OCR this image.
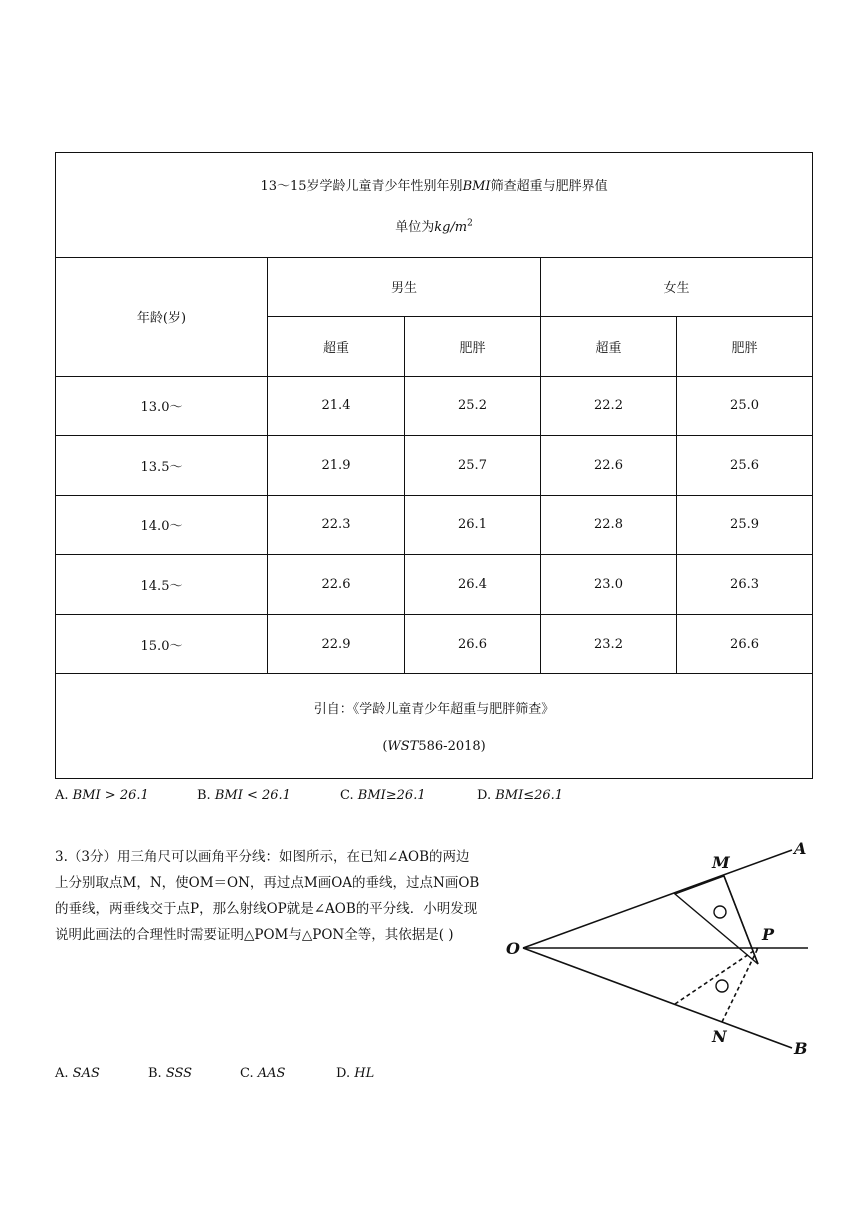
13～15岁学龄儿童青少年性别年别BMI筛查超重与肥胖界值
单位为$kg/m^2$

年龄(岁)	男生		女生	
	超重	肥胖	超重	肥胖
13.0～	21.4	25.2	22.2	25.0
13.5～	21.9	25.7	22.6	25.6
14.0～	22.3	26.1	22.8	25.9
14.5～	22.6	26.4	23.0	26.3
15.0～	22.9	26.6	23.2	26.6

引自：《学龄儿童青少年超重与肥胖筛查》
(WST586-2018)				
A. BMI > 26.1	B. BMI < 26.1	C. BMI≥26.1	D. BMI≤26.1
3.（3分）用三角尺可以画角平分线：如图所示，在已知∠AOB的两边
上分别取点M，N，使OM＝ON，再过点M画OA的垂线，过点N画OB
的垂线，两垂线交于点P，那么射线OP就是∠AOB的平分线．小明发现
说明此画法的合理性时需要证明△POM与△PON全等，其依据是( )
O
A
B
M
N
P
A. SAS	B. SSS	C. AAS	D. HL
